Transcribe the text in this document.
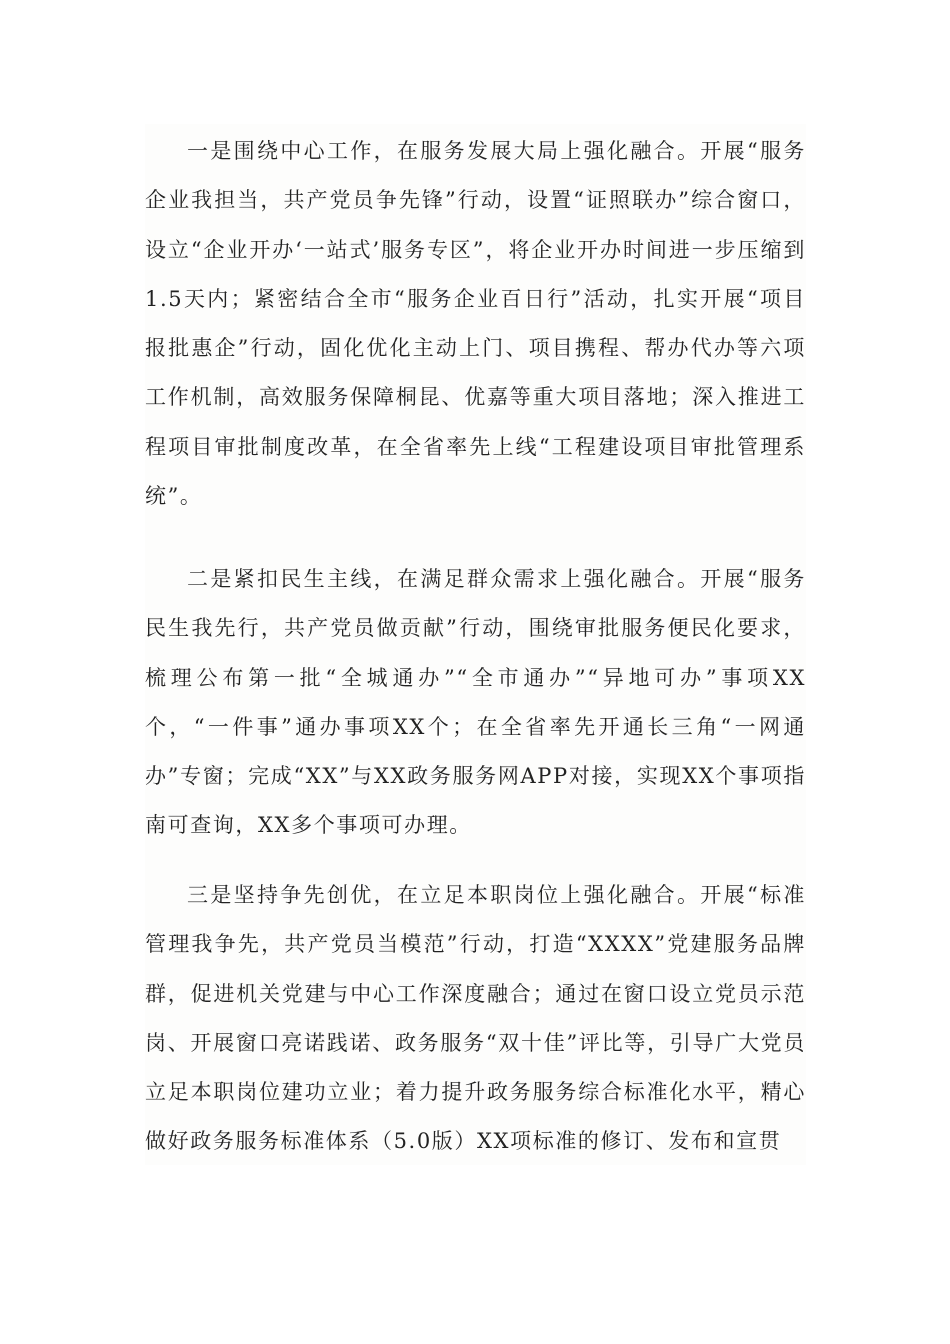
一是围绕中心工作，在服务发展大局上强化融合。开展“服务企业我担当，共产党员争先锋”行动，设置“证照联办”综合窗口，设立“企业开办‘一站式’服务专区”，将企业开办时间进一步压缩到1.5天内；紧密结合全市“服务企业百日行”活动，扎实开展“项目报批惠企”行动，固化优化主动上门、项目携程、帮办代办等六项工作机制，高效服务保障桐昆、优嘉等重大项目落地；深入推进工程项目审批制度改革，在全省率先上线“工程建设项目审批管理系统”。

二是紧扣民生主线，在满足群众需求上强化融合。开展“服务民生我先行，共产党员做贡献”行动，围绕审批服务便民化要求，梳理公布第一批“全城通办”“全市通办”“异地可办”事项XX个，“一件事”通办事项XX个；在全省率先开通长三角“一网通办”专窗；完成“XX”与XX政务服务网APP对接，实现XX个事项指南可查询，XX多个事项可办理。

三是坚持争先创优，在立足本职岗位上强化融合。开展“标准管理我争先，共产党员当模范”行动，打造“XXXX”党建服务品牌群，促进机关党建与中心工作深度融合；通过在窗口设立党员示范岗、开展窗口亮诺践诺、政务服务“双十佳”评比等，引导广大党员立足本职岗位建功立业；着力提升政务服务综合标准化水平，精心做好政务服务标准体系（5.0版）XX项标准的修订、发布和宣贯
